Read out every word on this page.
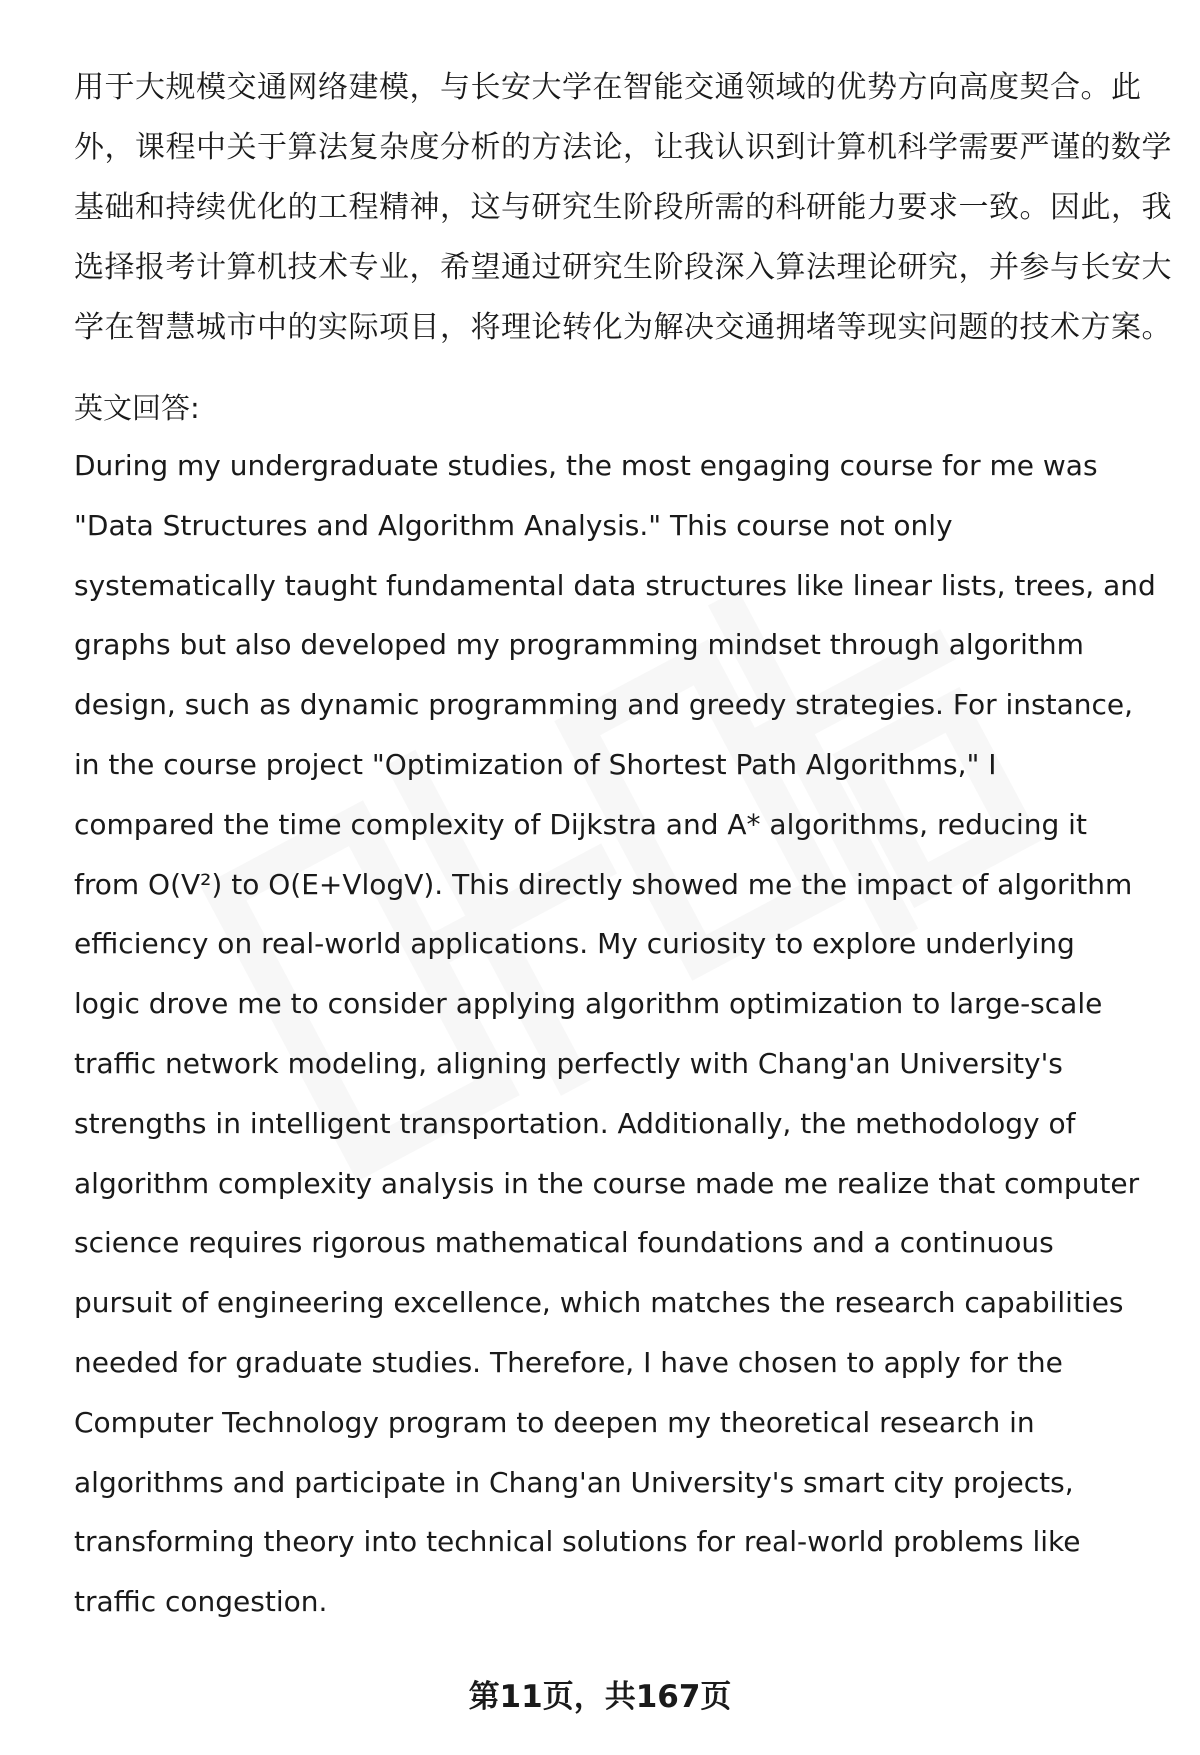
用于大规模交通网络建模，与长安大学在智能交通领域的优势方向高度契合。此
外，课程中关于算法复杂度分析的方法论，让我认识到计算机科学需要严谨的数学
基础和持续优化的工程精神，这与研究生阶段所需的科研能力要求一致。因此，我
选择报考计算机技术专业，希望通过研究生阶段深入算法理论研究，并参与长安大
学在智慧城市中的实际项目，将理论转化为解决交通拥堵等现实问题的技术方案。
英文回答:
During my undergraduate studies, the most engaging course for me was
"Data Structures and Algorithm Analysis." This course not only
systematically taught fundamental data structures like linear lists, trees, and
graphs but also developed my programming mindset through algorithm
design, such as dynamic programming and greedy strategies. For instance,
in the course project "Optimization of Shortest Path Algorithms," I
compared the time complexity of Dijkstra and A* algorithms, reducing it
from O(V²) to O(E+VlogV). This directly showed me the impact of algorithm
efficiency on real-world applications. My curiosity to explore underlying
logic drove me to consider applying algorithm optimization to large-scale
traffic network modeling, aligning perfectly with Chang'an University's
strengths in intelligent transportation. Additionally, the methodology of
algorithm complexity analysis in the course made me realize that computer
science requires rigorous mathematical foundations and a continuous
pursuit of engineering excellence, which matches the research capabilities
needed for graduate studies. Therefore, I have chosen to apply for the
Computer Technology program to deepen my theoretical research in
algorithms and participate in Chang'an University's smart city projects,
transforming theory into technical solutions for real-world problems like
traffic congestion.
第11页，共167页
